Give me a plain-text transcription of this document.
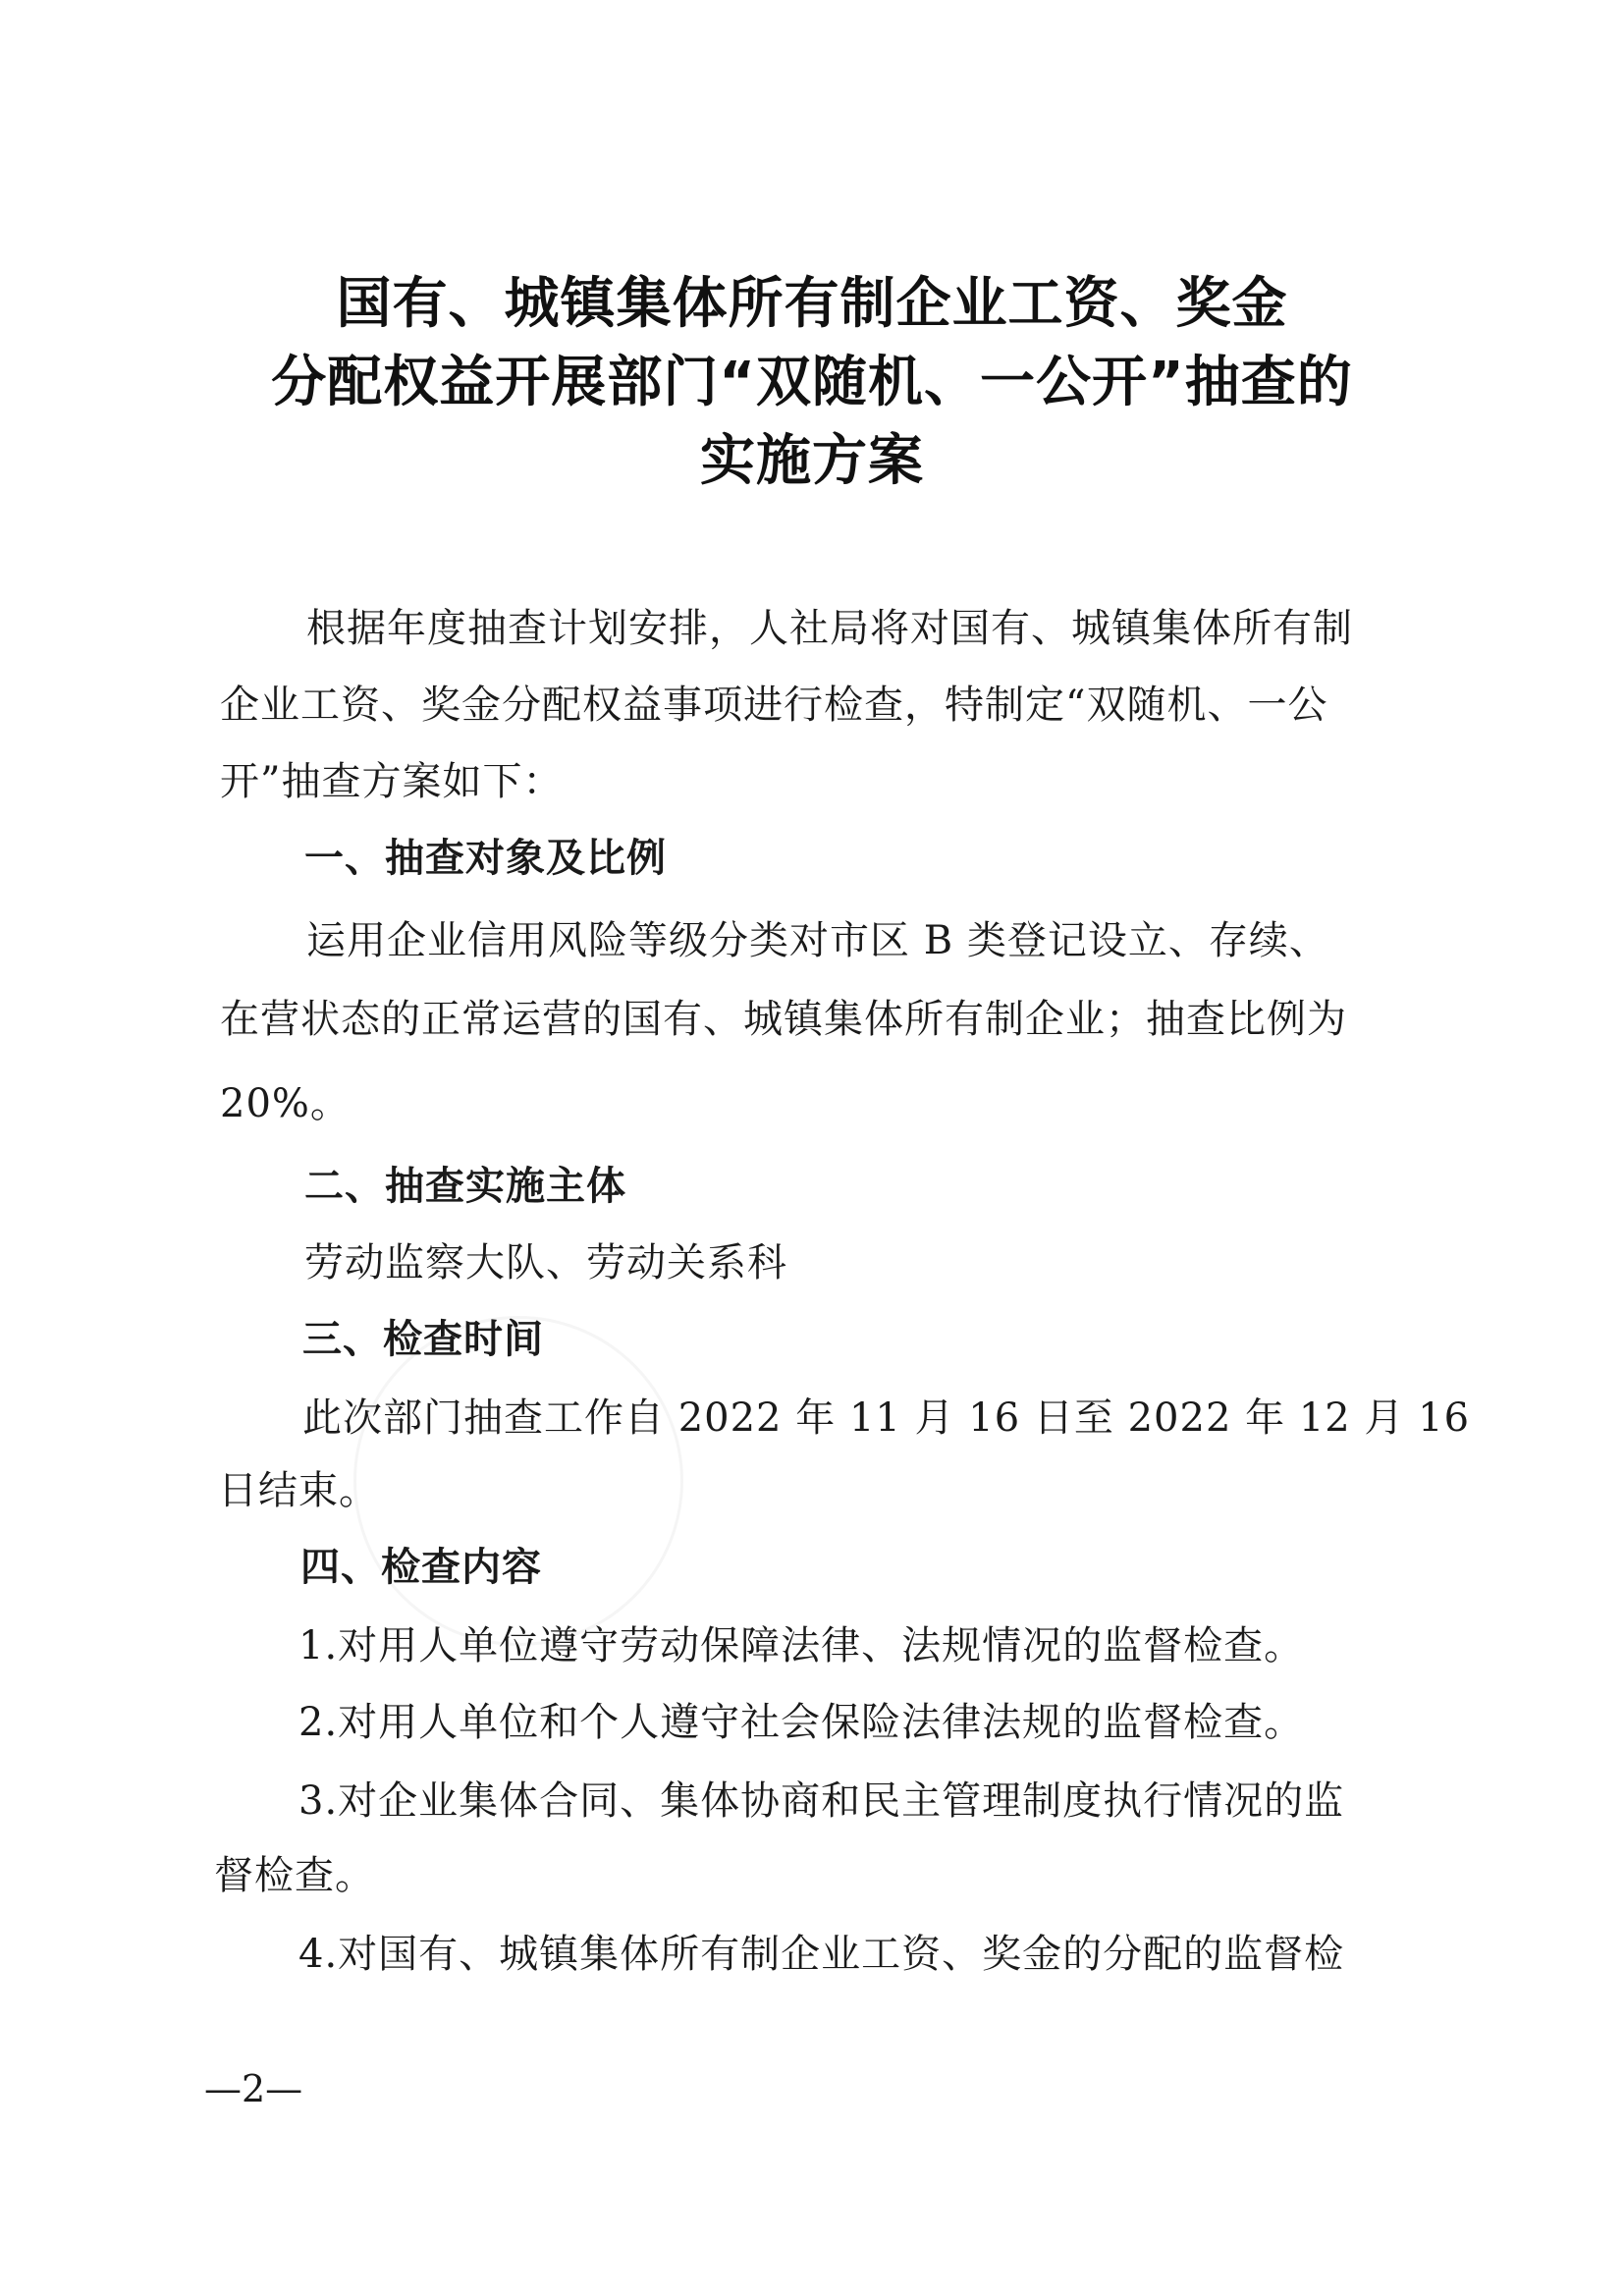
国有、城镇集体所有制企业工资、奖金
分配权益开展部门“双随机、一公开”抽查的
实施方案
根据年度抽查计划安排，人社局将对国有、城镇集体所有制
企业工资、奖金分配权益事项进行检查，特制定“双随机、一公
开”抽查方案如下：
一、抽查对象及比例
运用企业信用风险等级分类对市区 B 类登记设立、存续、
在营状态的正常运营的国有、城镇集体所有制企业；抽查比例为
20%。
二、抽查实施主体
劳动监察大队、劳动关系科
三、检查时间
此次部门抽查工作自 2022 年 11 月 16 日至 2022 年 12 月 16
日结束。
四、检查内容
1.对用人单位遵守劳动保障法律、法规情况的监督检查。
2.对用人单位和个人遵守社会保险法律法规的监督检查。
3.对企业集体合同、集体协商和民主管理制度执行情况的监
督检查。
4.对国有、城镇集体所有制企业工资、奖金的分配的监督检
—2—
